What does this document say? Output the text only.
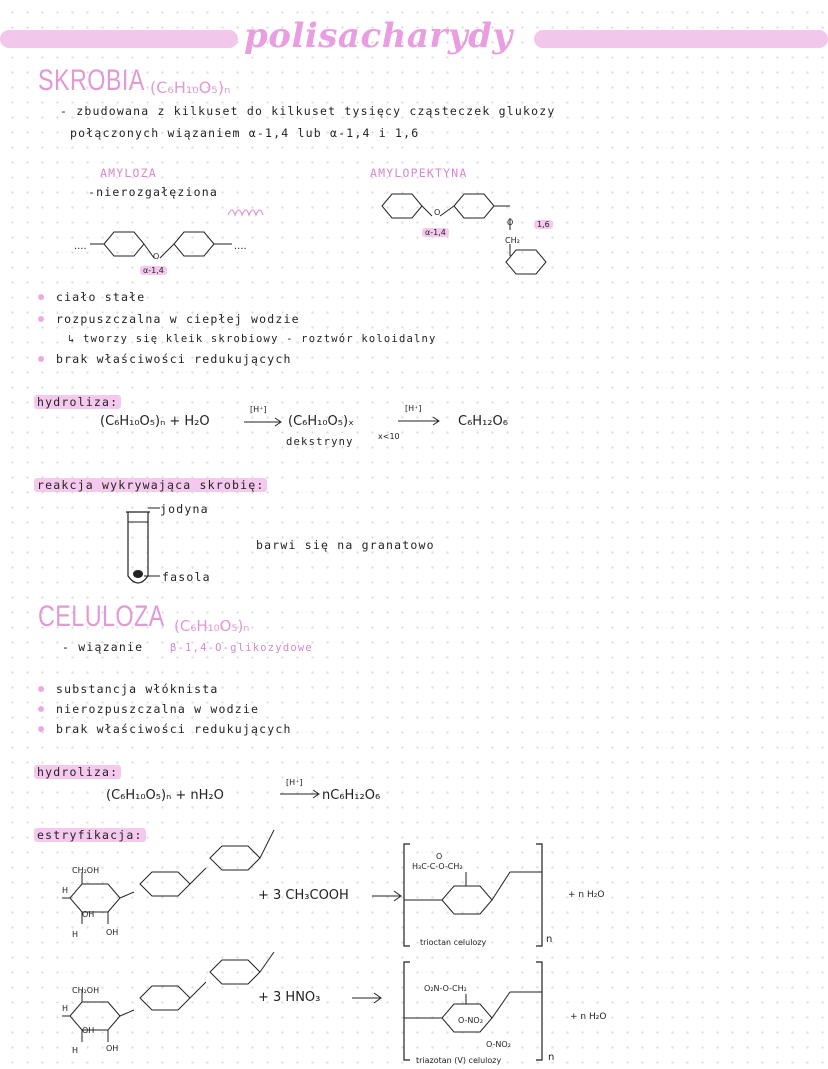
polisacharydy
SKROBIA (C₆H₁₀O₅)ₙ
- zbudowana z kilkuset do kilkuset tysięcy cząsteczek glukozy
połączonych wiązaniem α-1,4 lub α-1,4 i 1,6
AMYLOZA
-nierozgałęziona
....
O
....
α-1,4
AMYLOPEKTYNA
O
O
α-1,4
1,6
CH₂
ciało stałe
rozpuszczalna w ciepłej wodzie
↳ tworzy się kleik skrobiowy - roztwór koloidalny
brak właściwości redukujących
hydroliza:
(C₆H₁₀O₅)ₙ + H₂O
[H⁺]
(C₆H₁₀O₅)ₓ
dekstryny	x<10
[H⁺]
C₆H₁₂O₆
reakcja wykrywająca skrobię:
jodyna
fasola
barwi się na granatowo
CELULOZA (C₆H₁₀O₅)ₙ
- wiązanie	β-1,4-O-glikozydowe
substancja włóknista
nierozpuszczalna w wodzie
brak właściwości redukujących
hydroliza:
(C₆H₁₀O₅)ₙ + nH₂O
[H⁺]
nC₆H₁₂O₆
estryfikacja:
CH₂OH
H
OH
OH
H
+ 3 CH₃COOH
H₃C-C-O-CH₂
O
trioctan celulozy	n
+ n H₂O
CH₂OH
H
OH
OH
H
+ 3 HNO₃
O₂N-O-CH₂
O-NO₂
O-NO₂
triazotan (V) celulozy	n
+ n H₂O
